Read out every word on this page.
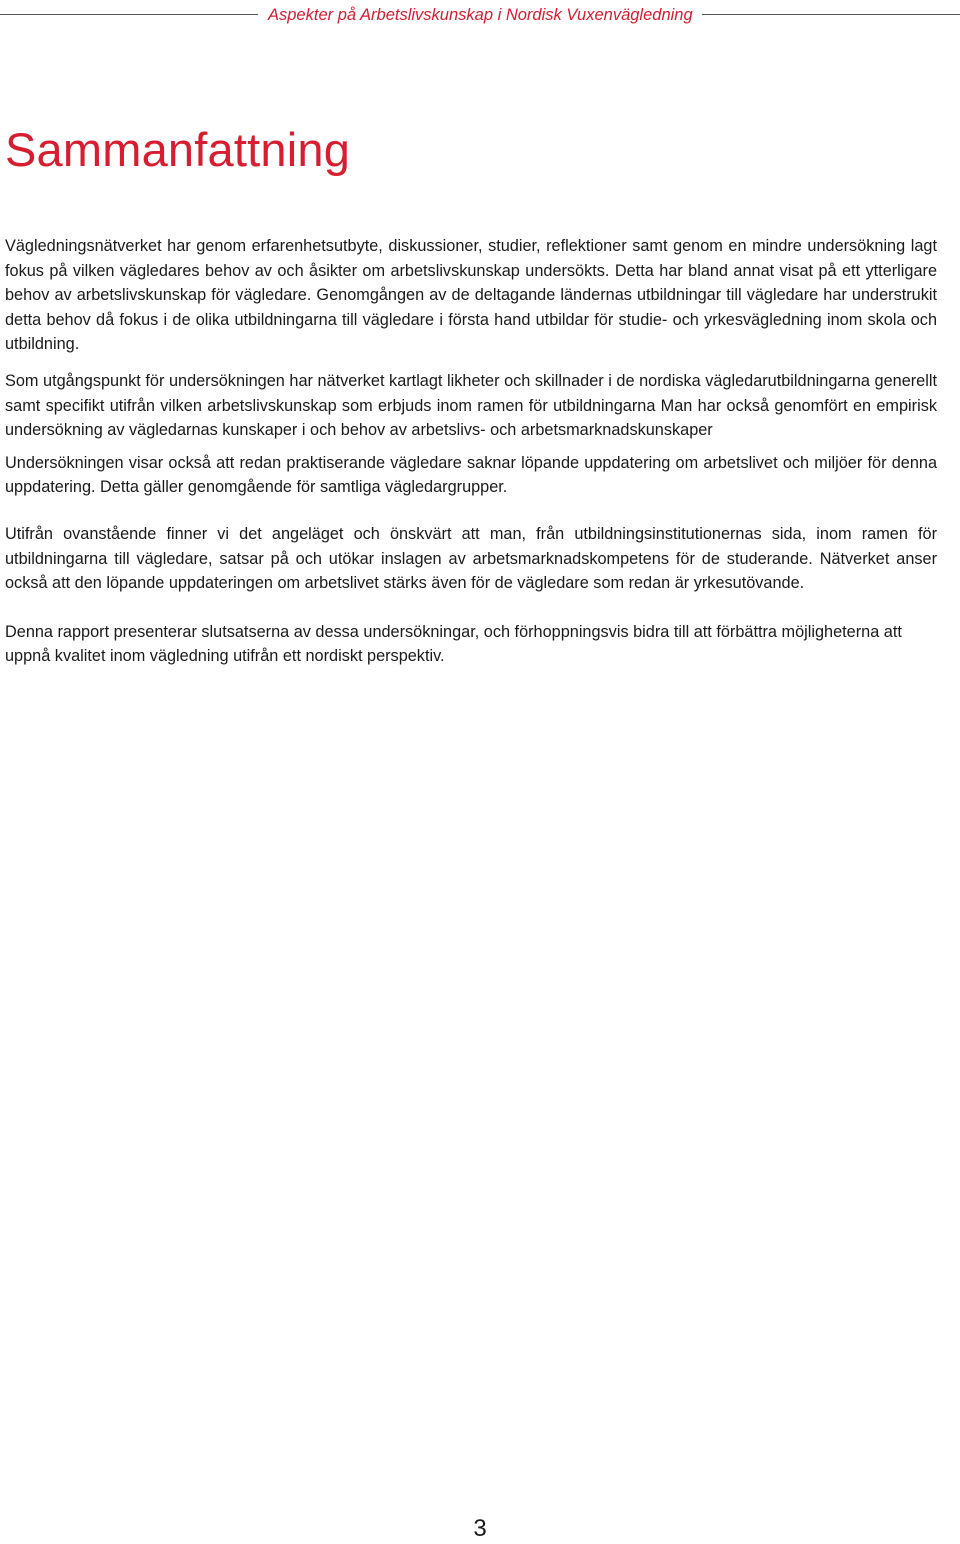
Aspekter på Arbetslivskunskap i Nordisk Vuxenvägledning
Sammanfattning

Vägledningsnätverket har genom erfarenhetsutbyte, diskussioner, studier, reflektioner samt genom en mindre undersökning lagt fokus på vilken vägledares behov av och åsikter om arbetslivskunskap undersökts. Detta har bland annat visat på ett ytterligare behov av arbetslivskunskap för vägledare. Genomgången av de deltagande ländernas utbildningar till vägledare har understrukit detta behov då fokus i de olika utbildningarna till vägledare i första hand utbildar för studie- och yrkesvägledning inom skola och utbildning.

Som utgångspunkt för undersökningen har nätverket kartlagt likheter och skillnader i de nordiska vägledarutbildningarna generellt samt specifikt utifrån vilken arbetslivskunskap som erbjuds inom ramen för utbildningarna Man har också genomfört en empirisk undersökning av vägledarnas kunskaper i och behov av arbetslivs- och arbetsmarknadskunskaper

Undersökningen visar också att redan praktiserande vägledare saknar löpande uppdatering om arbetslivet och miljöer för denna uppdatering. Detta gäller genomgående för samtliga vägledargrupper.

Utifrån ovanstående finner vi det angeläget och önskvärt att man, från utbildningsinstitutionernas sida, inom ramen för utbildningarna till vägledare, satsar på och utökar inslagen av arbetsmarknadskompetens för de studerande. Nätverket anser också att den löpande uppdateringen om arbetslivet stärks även för de vägledare som redan är yrkesutövande.

Denna rapport presenterar slutsatserna av dessa undersökningar, och förhoppningsvis bidra till att förbättra möjligheterna att uppnå kvalitet inom vägledning utifrån ett nordiskt perspektiv.

3
